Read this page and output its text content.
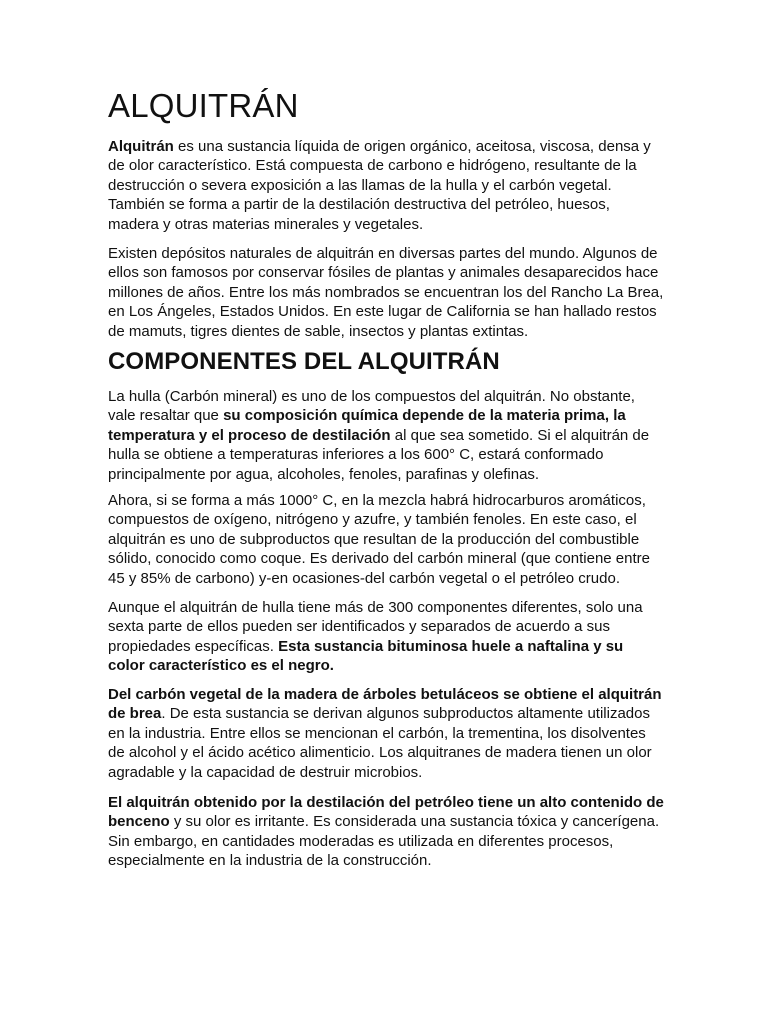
ALQUITRÁN

Alquitrán es una sustancia líquida de origen orgánico, aceitosa, viscosa, densa y de olor característico. Está compuesta de carbono e hidrógeno, resultante de la destrucción o severa exposición a las llamas de la hulla y el carbón vegetal. También se forma a partir de la destilación destructiva del petróleo, huesos, madera y otras materias minerales y vegetales.

Existen depósitos naturales de alquitrán en diversas partes del mundo. Algunos de ellos son famosos por conservar fósiles de plantas y animales desaparecidos hace millones de años. Entre los más nombrados se encuentran los del Rancho La Brea, en Los Ángeles, Estados Unidos. En este lugar de California se han hallado restos de mamuts, tigres dientes de sable, insectos y plantas extintas.

COMPONENTES DEL ALQUITRÁN

La hulla (Carbón mineral) es uno de los compuestos del alquitrán. No obstante, vale resaltar que su composición química depende de la materia prima, la temperatura y el proceso de destilación al que sea sometido. Si el alquitrán de hulla se obtiene a temperaturas inferiores a los 600° C, estará conformado principalmente por agua, alcoholes, fenoles, parafinas y olefinas.

Ahora, si se forma a más 1000° C, en la mezcla habrá hidrocarburos aromáticos, compuestos de oxígeno, nitrógeno y azufre, y también fenoles. En este caso, el alquitrán es uno de subproductos que resultan de la producción del combustible sólido, conocido como coque. Es derivado del carbón mineral (que contiene entre 45 y 85% de carbono) y-en ocasiones-del carbón vegetal o el petróleo crudo.

Aunque el alquitrán de hulla tiene más de 300 componentes diferentes, solo una sexta parte de ellos pueden ser identificados y separados de acuerdo a sus propiedades específicas. Esta sustancia bituminosa huele a naftalina y su color característico es el negro.

Del carbón vegetal de la madera de árboles betuláceos se obtiene el alquitrán de brea. De esta sustancia se derivan algunos subproductos altamente utilizados en la industria. Entre ellos se mencionan el carbón, la trementina, los disolventes de alcohol y el ácido acético alimenticio. Los alquitranes de madera tienen un olor agradable y la capacidad de destruir microbios.

El alquitrán obtenido por la destilación del petróleo tiene un alto contenido de benceno y su olor es irritante. Es considerada una sustancia tóxica y cancerígena. Sin embargo, en cantidades moderadas es utilizada en diferentes procesos, especialmente en la industria de la construcción.
